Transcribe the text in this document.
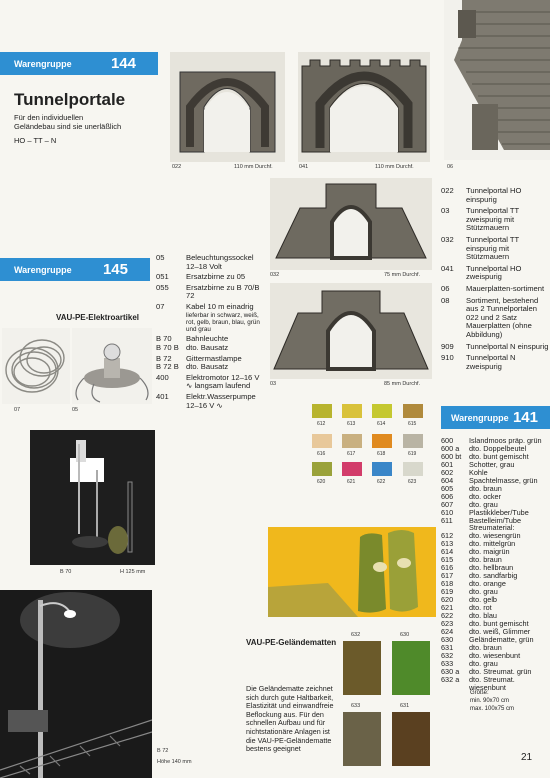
Warengruppe	144
Warengruppe 145
Warengruppe 141
Tunnelportale
Für den individuellen
Geländebau sind sie unerläßlich
HO – TT – N
022	110 mm Durchf.	041	110 mm Durchf.	06
032	75 mm Durchf.
03	85 mm Durchf.
022	Tunnelportal HO einspurig
03	Tunnelportal TT zweispurig mit Stützmauern
032	Tunnelportal TT einspurig mit Stützmauern
041	Tunnelportal HO zweispurig
06	Mauerplatten-sortiment
08	Sortiment, bestehend aus 2 Tunnelportalen 022 und 2 Satz Mauerplatten (ohne Abbildung)
909	Tunnelportal N einspurig
910	Tunnelportal N zweispurig
05	Beleuchtungssockel 12–18 Volt
051	Ersatzbirne zu 05
055	Ersatzbirne zu B 70/B 72
07	Kabel 10 m einadrig

lieferbar in schwarz, weiß, rot, gelb, braun, blau, grün und grau
B 70	Bahnleuchte
B 70 B dto. Bausatz
B 72	Gittermastlampe
B 72 B dto. Bausatz
400	Elektromotor 12–16 V ∿ langsam laufend
401	Elektr.Wasserpumpe 12–16 V ∿
VAU-PE-Elektroartikel
07	05
B 70	H 125 mm
B 72
Höhe 140 mm
612	613	614	615
616	617	618	619
620	621	622	623
VAU-PE-Geländematten
Die Geländematte zeichnet sich durch gute Haltbarkeit, Elastizität und einwandfreie Beflockung aus. Für den schnellen Aufbau und für nichtstationäre Anlagen ist die VAU-PE-Geländematte bestens geeignet
632	630
633	631
600	Islandmoos präp. grün
600 a	dto. Doppelbeutel
600 bt	dto. bunt gemischt
601	Schotter, grau
602	Kohle
604	Spachtelmasse, grün
605	dto. braun
606	dto. ocker
607	dto. grau
610	Plastikkleber/Tube
611	Bastelleim/Tube
Streumaterial:
612	dto. wiesengrün
613	dto. mittelgrün
614	dto. maigrün
615	dto. braun
616	dto. hellbraun
617	dto. sandfarbig
618	dto. orange
619	dto. grau
620	dto. gelb
621	dto. rot
622	dto. blau
623	dto. bunt gemischt
624	dto. weiß, Glimmer
630	Geländematte, grün
631	dto. braun
632	dto. wiesenbunt
633	dto. grau
630 a	dto. Streumat. grün
632 a	dto. Streumat. wiesenbunt
Größe:
min. 90x70 cm
max. 100x75 cm
21
